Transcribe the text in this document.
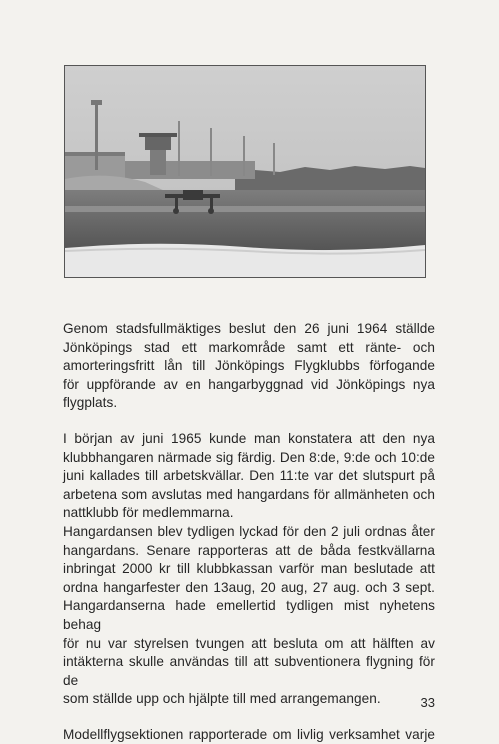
Genom stadsfullmäktiges beslut den 26 juni 1964 ställde
Jönköpings stad ett markområde samt ett ränte- och
amorteringsfritt lån till Jönköpings Flygklubbs förfogande
för uppförande av en hangarbyggnad vid Jönköpings nya
flygplats.

I början av juni 1965 kunde man konstatera att den nya
klubbhangaren närmade sig färdig. Den 8:de, 9:de och 10:de
juni kallades till arbetskvällar. Den 11:te var det slutspurt på
arbetena som avslutas med hangardans för allmänheten och
nattklubb för medlemmarna.
Hangardansen blev tydligen lyckad för den 2 juli ordnas åter
hangardans. Senare rapporteras att de båda festkvällarna
inbringat 2000 kr till klubbkassan varför man beslutade att
ordna hangarfester den 13aug, 20 aug, 27 aug. och 3 sept.
Hangardanserna hade emellertid tydligen mist nyhetens behag
för nu var styrelsen tvungen att besluta om att hälften av
intäkterna skulle användas till att subventionera flygning för de
som ställde upp och hjälpte till med arrangemangen.

Modellflygsektionen rapporterade om livlig verksamhet varje

33
